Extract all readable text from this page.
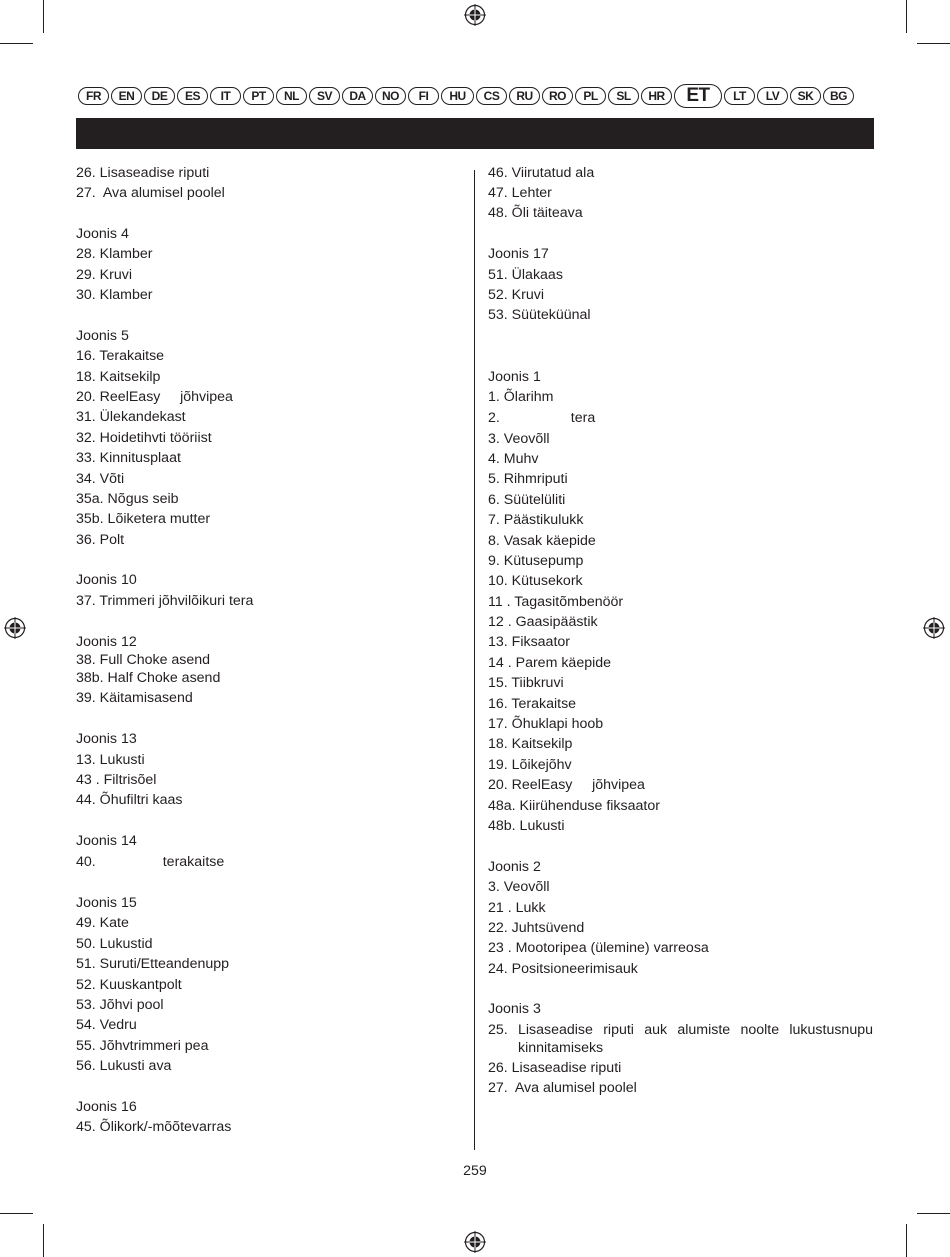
FR	EN	DE	ES	IT	PT	NL	SV	DA	NO	FI	HU	CS	RU	RO	PL	SL	HR	ET	LT	LV	SK	BG
26. Lisaseadise riputi
27.  Ava alumisel poolel
Joonis 4
28. Klamber
29. Kruvi
30. Klamber
Joonis 5
16. Terakaitse
18. Kaitsekilp
20. ReelEasy     jõhvipea
31. Ülekandekast
32. Hoidetihvti tööriist
33. Kinnitusplaat
34. Võti
35a. Nõgus seib
35b. Lõiketera mutter
36. Polt
Joonis 10
37. Trimmeri jõhvilõikuri tera
Joonis 12
38. Full Choke asend
38b. Half Choke asend
39. Käitamisasend
Joonis 13
13. Lukusti
43 . Filtrisõel
44. Õhufiltri kaas
Joonis 14
40.                 terakaitse
Joonis 15
49. Kate
50. Lukustid
51. Suruti/Etteandenupp
52. Kuuskantpolt
53. Jõhvi pool
54. Vedru
55. Jõhvtrimmeri pea
56. Lukusti ava
Joonis 16
45. Õlikork/-mõõtevarras
46. Viirutatud ala
47. Lehter
48. Õli täiteava
Joonis 17
51. Ülakaas
52. Kruvi
53. Süüteküünal
Joonis 1
1. Õlarihm
2.                  tera
3. Veovõll
4. Muhv
5. Rihmriputi
6. Süütelüliti
7. Päästikulukk
8. Vasak käepide
9. Kütusepump
10. Kütusekork
11 . Tagasitõmbenöör
12 . Gaasipäästik
13. Fiksaator
14 . Parem käepide
15. Tiibkruvi
16. Terakaitse
17. Õhuklapi hoob
18. Kaitsekilp
19. Lõikejõhv
20. ReelEasy     jõhvipea
48a. Kiirühenduse fiksaator
48b. Lukusti
Joonis 2
3. Veovõll
21 . Lukk
22. Juhtsüvend
23 . Mootoripea (ülemine) varreosa
24. Positsioneerimisauk
Joonis 3
25. Lisaseadise riputi auk alumiste noolte lukustusnupu kinnitamiseks
26. Lisaseadise riputi
27.  Ava alumisel poolel
259
